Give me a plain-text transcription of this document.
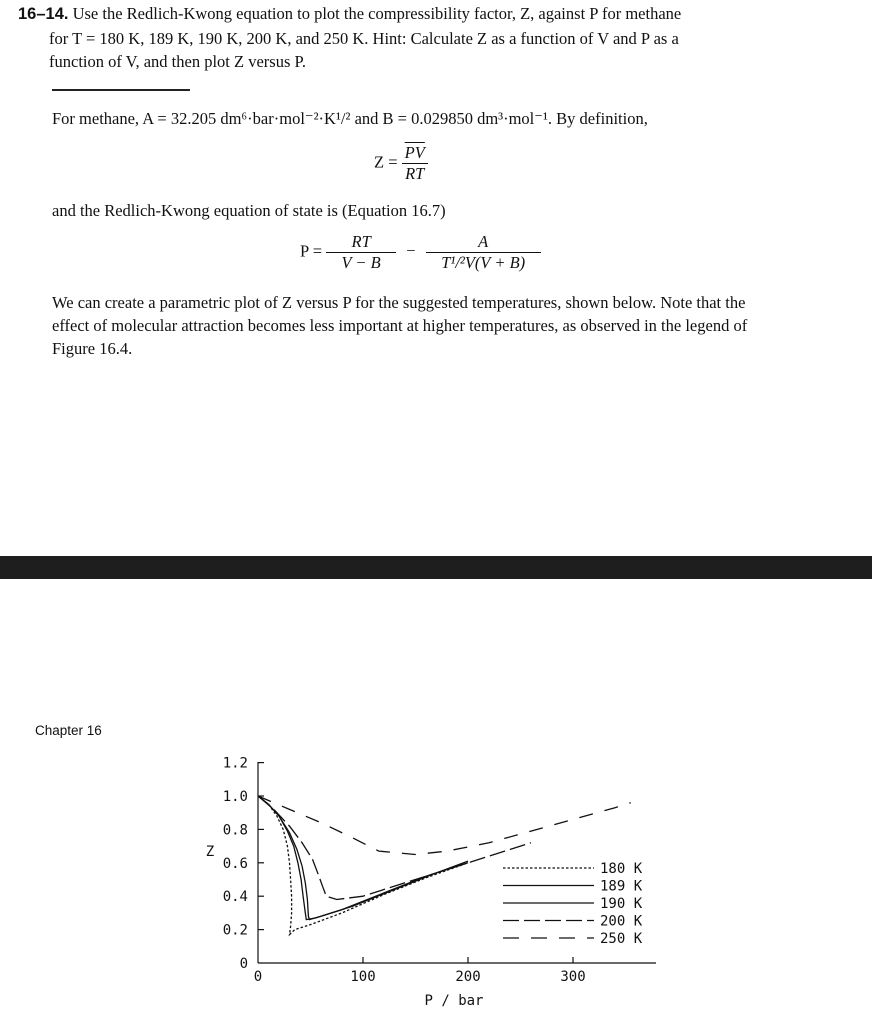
16–14. Use the Redlich-Kwong equation to plot the compressibility factor, Z, against P for methane
for T = 180 K, 189 K, 190 K, 200 K, and 250 K. Hint: Calculate Z as a function of V and P as a
function of V, and then plot Z versus P.
For methane, A = 32.205 dm⁶·bar·mol⁻²·K¹/² and B = 0.029850 dm³·mol⁻¹. By definition,
$Z = \frac{\overline{PV}}{RT}$
and the Redlich-Kwong equation of state is (Equation 16.7)
$P = \frac{RT}{V - B} - \frac{A}{\text{T¹/²V(V + B)}}$
We can create a parametric plot of Z versus P for the suggested temperatures, shown below. Note that the effect of molecular attraction becomes less important at higher temperatures, as observed in the legend of Figure 16.4.
Chapter 16
0
0.2
0.4
0.6
0.8
1.0
1.2
0	100	200	300
Z
P / bar
180 K
189 K
190 K
200 K
250 K
